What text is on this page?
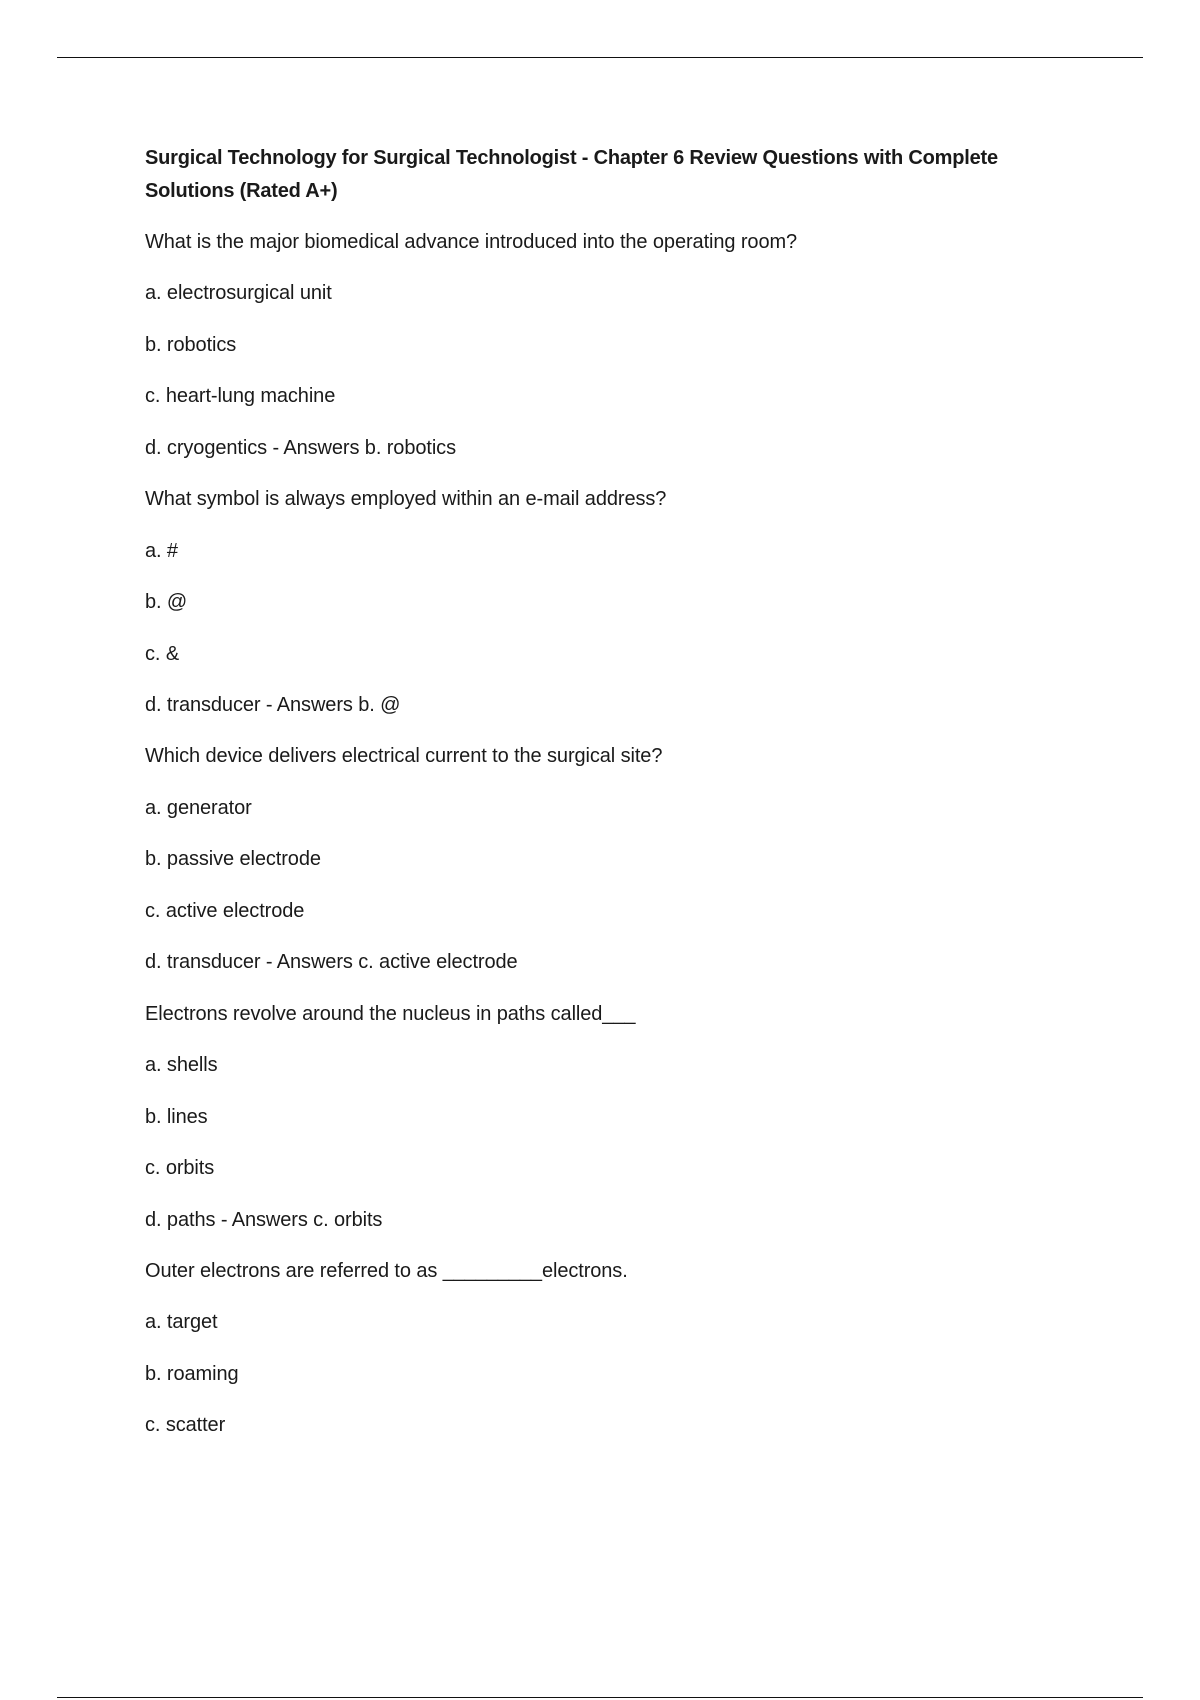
Surgical Technology for Surgical Technologist - Chapter 6 Review Questions with Complete Solutions (Rated A+)

What is the major biomedical advance introduced into the operating room?

a. electrosurgical unit

b. robotics

c. heart-lung machine

d. cryogentics - Answers b. robotics

What symbol is always employed within an e-mail address?

a. #

b. @

c. &

d. transducer - Answers b. @

Which device delivers electrical current to the surgical site?

a. generator

b. passive electrode

c. active electrode

d. transducer - Answers c. active electrode

Electrons revolve around the nucleus in paths called___

a. shells

b. lines

c. orbits

d. paths - Answers c. orbits

Outer electrons are referred to as _________electrons.

a. target

b. roaming

c. scatter
